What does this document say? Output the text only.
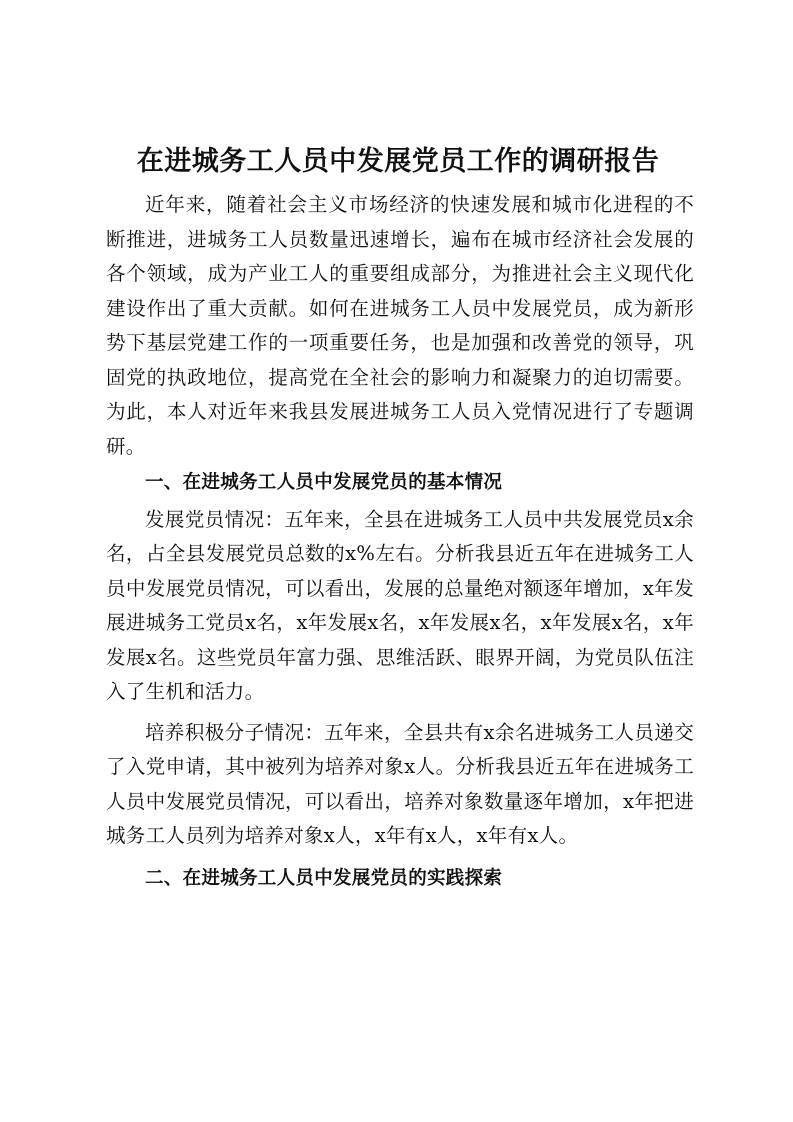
在进城务工人员中发展党员工作的调研报告

近年来，随着社会主义市场经济的快速发展和城市化进程的不断推进，进城务工人员数量迅速增长，遍布在城市经济社会发展的各个领域，成为产业工人的重要组成部分，为推进社会主义现代化建设作出了重大贡献。如何在进城务工人员中发展党员，成为新形势下基层党建工作的一项重要任务，也是加强和改善党的领导，巩固党的执政地位，提高党在全社会的影响力和凝聚力的迫切需要。为此，本人对近年来我县发展进城务工人员入党情况进行了专题调研。

一、在进城务工人员中发展党员的基本情况

发展党员情况：五年来，全县在进城务工人员中共发展党员x余名，占全县发展党员总数的x%左右。分析我县近五年在进城务工人员中发展党员情况，可以看出，发展的总量绝对额逐年增加，x年发展进城务工党员x名，x年发展x名，x年发展x名，x年发展x名，x年发展x名。这些党员年富力强、思维活跃、眼界开阔，为党员队伍注入了生机和活力。

培养积极分子情况：五年来，全县共有x余名进城务工人员递交了入党申请，其中被列为培养对象x人。分析我县近五年在进城务工人员中发展党员情况，可以看出，培养对象数量逐年增加，x年把进城务工人员列为培养对象x人，x年有x人，x年有x人。

二、在进城务工人员中发展党员的实践探索
